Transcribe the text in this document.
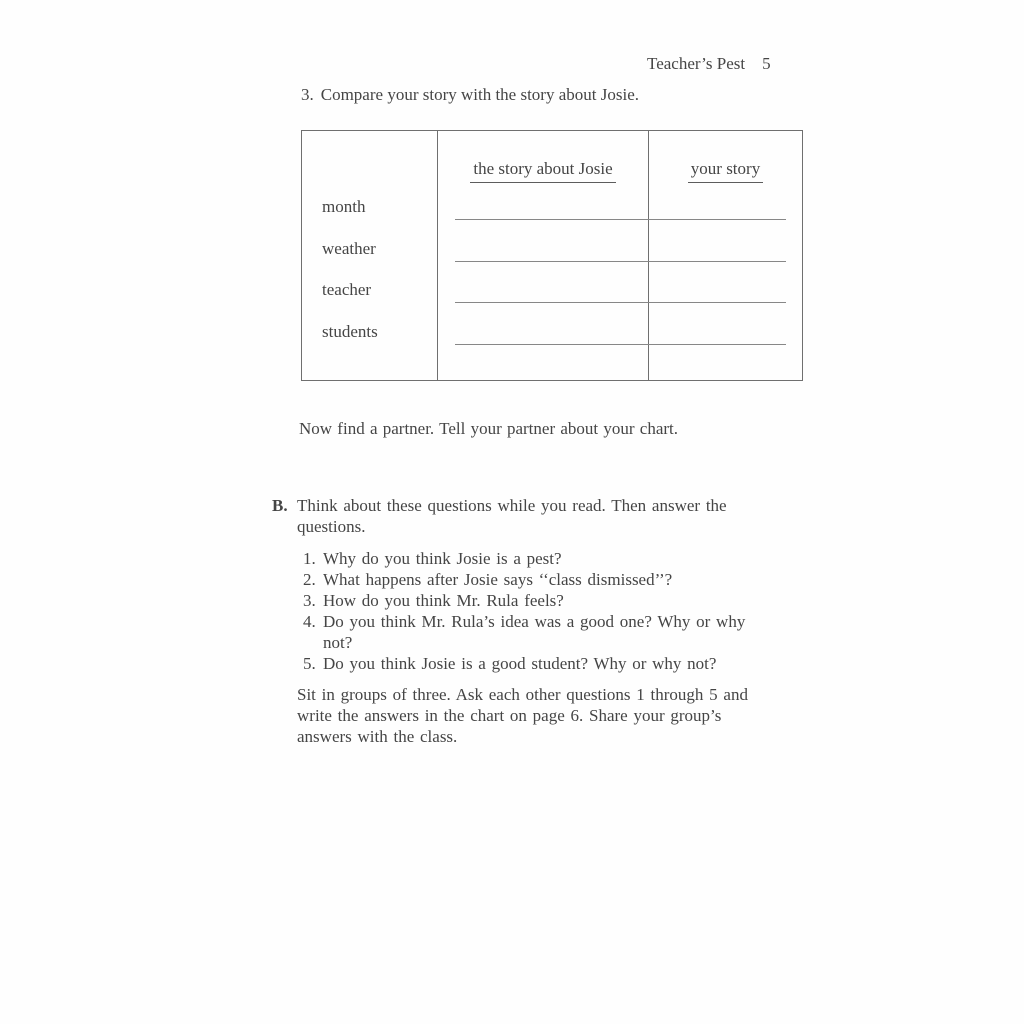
Teacher’s Pest 5
3. Compare your story with the story about Josie.
the story about Josie	your story
month
weather
teacher
students
Now find a partner. Tell your partner about your chart.
B. Think about these questions while you read. Then answer the questions.
1. Why do you think Josie is a pest?
2. What happens after Josie says ‘‘class dismissed’’?
3. How do you think Mr. Rula feels?
4. Do you think Mr. Rula’s idea was a good one? Why or why not?
5. Do you think Josie is a good student? Why or why not?
Sit in groups of three. Ask each other questions 1 through 5 and write the answers in the chart on page 6. Share your group’s answers with the class.
